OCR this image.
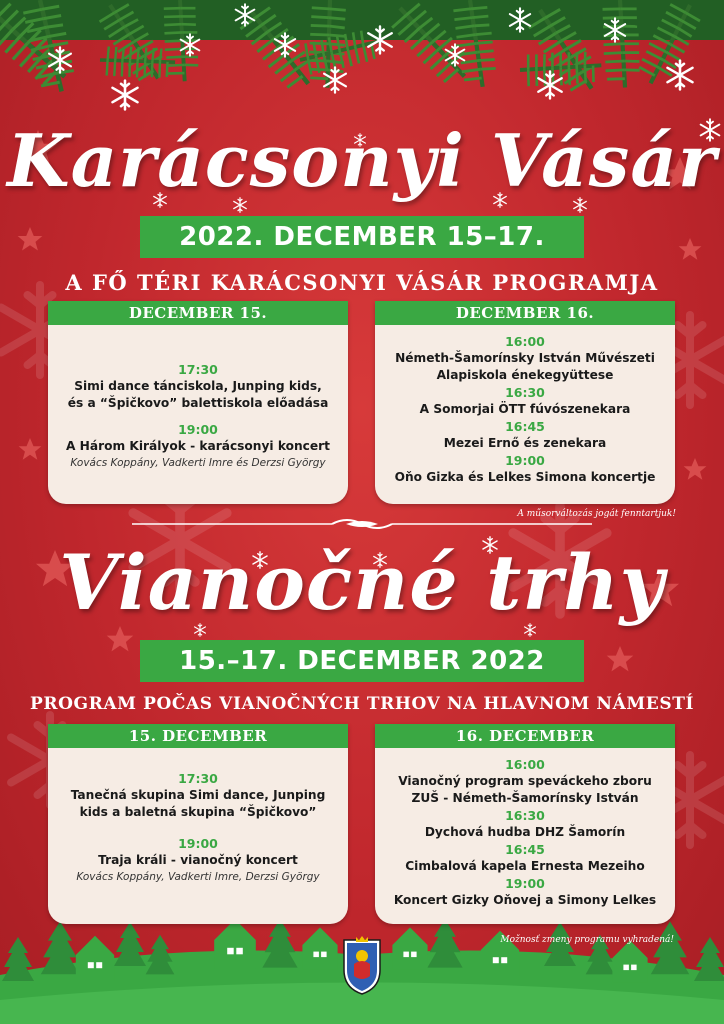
Karácsonyi Vásár
2022. DECEMBER 15–17.
A FŐ TÉRI KARÁCSONYI VÁSÁR PROGRAMJA
DECEMBER 15.
17:30
Simi dance tánciskola, Junping kids,
és a “Špičkovo” balettiskola előadása
19:00
A Három Királyok - karácsonyi koncert
Kovács Koppány, Vadkerti Imre és Derzsi György
DECEMBER 16.
16:00
Németh-Šamorínsky István Művészeti
Alapiskola énekegyüttese
16:30
A Somorjai ÖTT fúvószenekara
16:45
Mezei Ernő és zenekara
19:00
Oňo Gizka és Lelkes Simona koncertje
A műsorváltozás jogát fenntartjuk!
Vianočné trhy
15.–17. DECEMBER 2022
PROGRAM POČAS VIANOČNÝCH TRHOV NA HLAVNOM NÁMESTÍ
15. DECEMBER
17:30
Tanečná skupina Simi dance, Junping
kids a baletná skupina “Špičkovo”
19:00
Traja králi - vianočný koncert
Kovács Koppány, Vadkerti Imre, Derzsi György
16. DECEMBER
16:00
Vianočný program speváckeho zboru
ZUŠ - Németh-Šamorínsky István
16:30
Dychová hudba DHZ Šamorín
16:45
Cimbalová kapela Ernesta Mezeiho
19:00
Koncert Gizky Oňovej a Simony Lelkes
Možnosť zmeny programu vyhradená!
